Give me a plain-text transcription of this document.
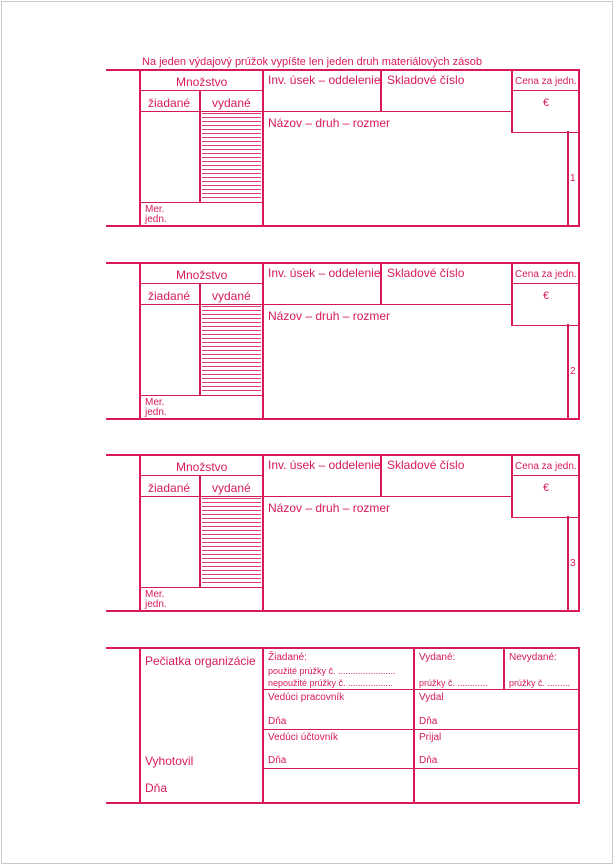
Na jeden výdajový prúžok vypíšte len jeden druh materiálových zásob
Množstvo
žiadané vydané
Mer.
jedn.
Inv. úsek – oddelenie Skladové číslo	Cena za jedn.
€
Názov – druh – rozmer
1
Množstvo
žiadané vydané
Mer.
jedn.
Inv. úsek – oddelenie Skladové číslo	Cena za jedn.
€
Názov – druh – rozmer
2
Množstvo
žiadané vydané
Mer.
jedn.
Inv. úsek – oddelenie Skladové číslo	Cena za jedn.
€
Názov – druh – rozmer
3
Pečiatka organizácie
Vyhotovil
Dňa
Žiadané:
použité prúžky č. .......................
nepoužité prúžky č. ..................
Vydané:
prúžky č. ............
Nevydané:
prúžky č. .........
Vedúci pracovník
Dňa
Vydal
Dňa
Vedúci účtovník
Dňa
Prijal
Dňa
